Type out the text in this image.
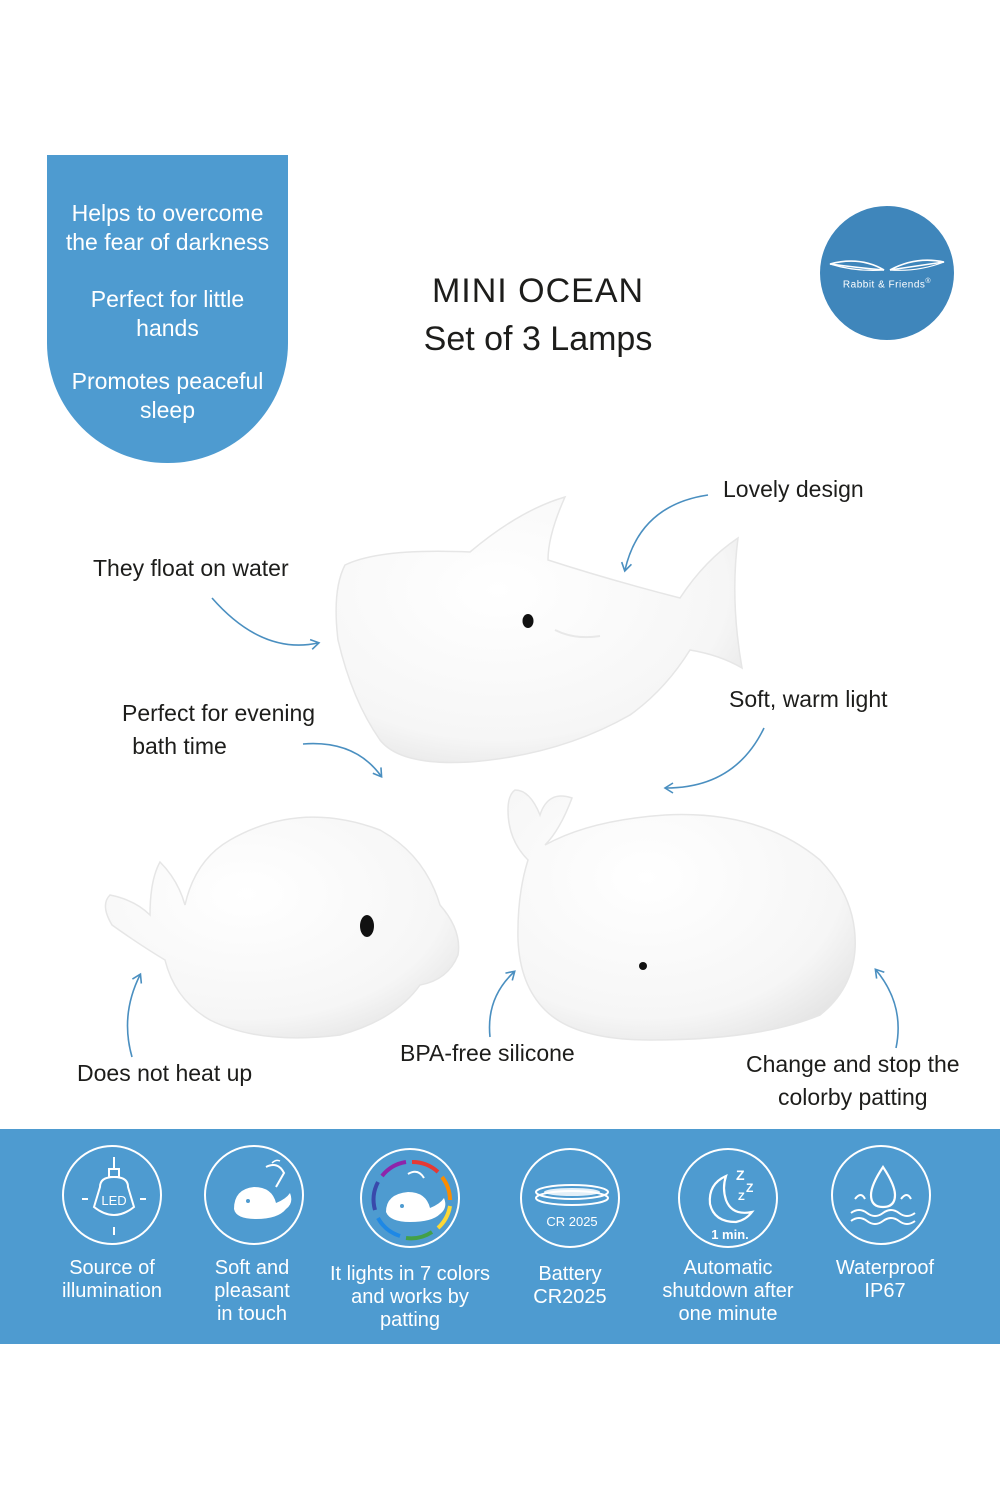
Helps to overcome
the fear of darkness
Perfect for little
hands
Promotes peaceful
sleep
MINI OCEAN
Set of 3 Lamps
Rabbit & Friends®
They float on water
Lovely design
Perfect for evening
bath time
Soft, warm light
Does not heat up
BPA-free silicone	Change and stop the
colorby patting
LED
Source of
illumination
Soft and
pleasant
in touch
It lights in 7 colors
and works by
patting
CR 2025
Battery
CR2025
Z
Z
Z
1 min.
Automatic
shutdown after
one minute
Waterproof
IP67
